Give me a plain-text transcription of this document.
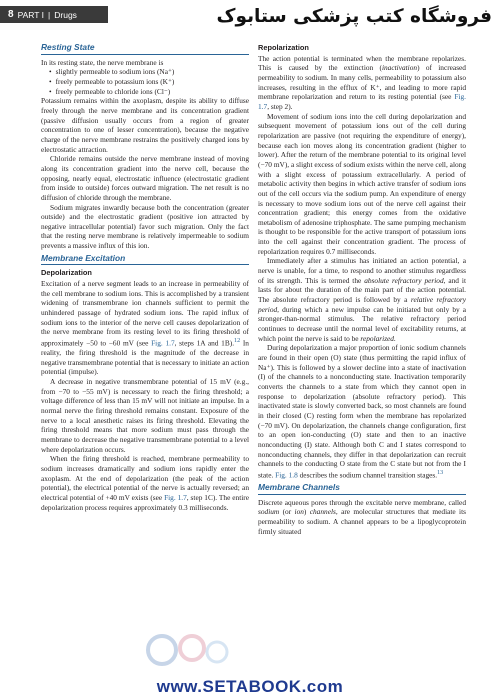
8 PART I | Drugs	فروشگاه کتب پزشکی ستابوک
Resting State

In its resting state, the nerve membrane is

• slightly permeable to sodium ions (Na⁺)
• freely permeable to potassium ions (K⁺)
• freely permeable to chloride ions (Cl⁻)

Potassium remains within the axoplasm, despite its ability to diffuse freely through the nerve membrane and its concentration gradient (passive diffusion usually occurs from a region of greater concentration to one of lesser concentration), because the negative charge of the nerve membrane restrains the positively charged ions by electrostatic attraction.

Chloride remains outside the nerve membrane instead of moving along its concentration gradient into the nerve cell, because the opposing, nearly equal, electrostatic influence (electrostatic gradient from inside to outside) forces outward migration. The net result is no diffusion of chloride through the membrane.

Sodium migrates inwardly because both the concentration (greater outside) and the electrostatic gradient (positive ion attracted by negative intracellular potential) favor such migration. Only the fact that the resting nerve membrane is relatively impermeable to sodium prevents a massive influx of this ion.

Membrane Excitation
Depolarization

Excitation of a nerve segment leads to an increase in permeability of the cell membrane to sodium ions. This is accomplished by a transient widening of transmembrane ion channels sufficient to permit the unhindered passage of hydrated sodium ions. The rapid influx of sodium ions to the interior of the nerve cell causes depolarization of the nerve membrane from its resting level to its firing threshold of approximately −50 to −60 mV (see Fig. 1.7, steps 1A and 1B).$^{12}$ In reality, the firing threshold is the magnitude of the decrease in negative transmembrane potential that is necessary to initiate an action potential (impulse).

A decrease in negative transmembrane potential of 15 mV (e.g., from −70 to −55 mV) is necessary to reach the firing threshold; a voltage difference of less than 15 mV will not initiate an impulse. In a normal nerve the firing threshold remains constant. Exposure of the nerve to a local anesthetic raises its firing threshold. Elevating the firing threshold means that more sodium must pass through the membrane to decrease the negative transmembrane potential to a level where depolarization occurs.

When the firing threshold is reached, membrane permeability to sodium increases dramatically and sodium ions rapidly enter the axoplasm. At the end of depolarization (the peak of the action potential), the electrical potential of the nerve is actually reversed; an electrical potential of +40 mV exists (see Fig. 1.7, step 1C). The entire depolarization process requires approximately 0.3 milliseconds.

Repolarization

The action potential is terminated when the membrane repolarizes. This is caused by the extinction (inactivation) of increased permeability to sodium. In many cells, permeability to potassium also increases, resulting in the efflux of K⁺, and leading to more rapid membrane repolarization and return to its resting potential (see Fig. 1.7, step 2).

Movement of sodium ions into the cell during depolarization and subsequent movement of potassium ions out of the cell during repolarization are passive (not requiring the expenditure of energy), because each ion moves along its concentration gradient (higher to lower). After the return of the membrane potential to its original level (−70 mV), a slight excess of sodium exists within the nerve cell, along with a slight excess of potassium extracellularly. A period of metabolic activity then begins in which active transfer of sodium ions out of the cell occurs via the sodium pump. An expenditure of energy is necessary to move sodium ions out of the nerve cell against their concentration gradient; this energy comes from the oxidative metabolism of adenosine triphosphate. The same pumping mechanism is thought to be responsible for the active transport of potassium ions into the cell against their concentration gradient. The process of repolarization requires 0.7 milliseconds.

Immediately after a stimulus has initiated an action potential, a nerve is unable, for a time, to respond to another stimulus regardless of its strength. This is termed the absolute refractory period, and it lasts for about the duration of the main part of the action potential. The absolute refractory period is followed by a relative refractory period, during which a new impulse can be initiated but only by a stronger-than-normal stimulus. The relative refractory period continues to decrease until the normal level of excitability returns, at which point the nerve is said to be repolarized.

During depolarization a major proportion of ionic sodium channels are found in their open (O) state (thus permitting the rapid influx of Na⁺). This is followed by a slower decline into a state of inactivation (I) of the channels to a nonconducting state. Inactivation temporarily converts the channels to a state from which they cannot open in response to depolarization (absolute refractory period). This inactivated state is slowly converted back, so most channels are found in their closed (C) resting form when the membrane has repolarized (−70 mV). On depolarization, the channels change configuration, first to an open ion-conducting (O) state and then to an inactive nonconducting (I) state. Although both C and I states correspond to nonconducting channels, they differ in that depolarization can recruit channels to the conducting O state from the C state but not from the I state. Fig. 1.8 describes the sodium channel transition stages.$^{13}$

Membrane Channels

Discrete aqueous pores through the excitable nerve membrane, called sodium (or ion) channels, are molecular structures that mediate its permeability to sodium. A channel appears to be a lipoglycoprotein firmly situated

www.SETABOOK.com
